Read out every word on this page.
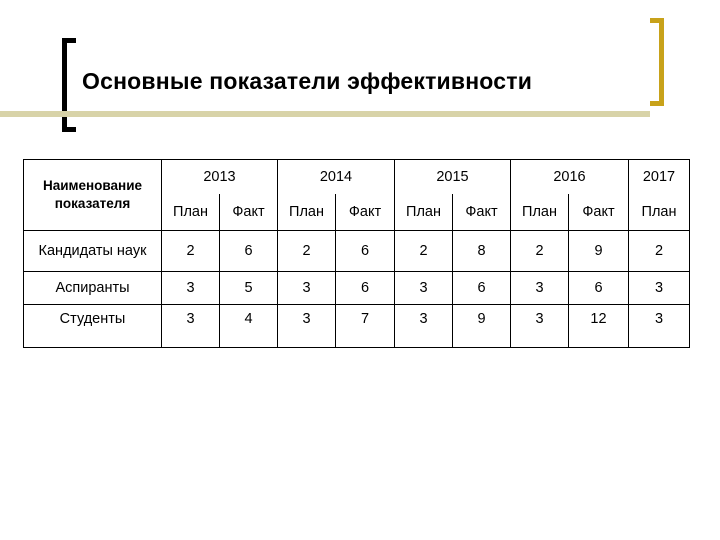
Основные показатели эффективности
Наименование
показателя	2013		2014		2015		2016		2017
	План	Факт	План	Факт	План	Факт	План	Факт	План
Кандидаты наук	2	6	2	6	2	8	2	9	2
Аспиранты	3	5	3	6	3	6	3	6	3
Студенты	3	4	3	7	3	9	3	12	3
